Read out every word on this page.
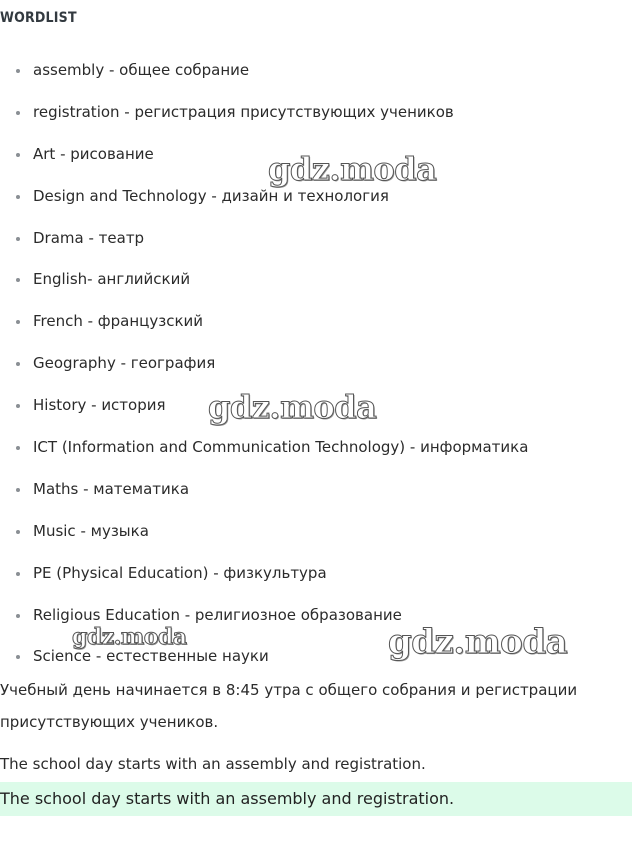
WORDLIST
assembly - общее собрание
registration - регистрация присутствующих учеников
Art - рисование
Design and Technology - дизайн и технология
Drama - театр
English- английский
French - французский
Geography - география
History - история
ICT (Information and Communication Technology) - информатика
Maths - математика
Music - музыка
PE (Physical Education) - физкультура
Religious Education - религиозное образование
Science - естественные науки
Учебный день начинается в 8:45 утра с общего собрания и регистрации присутствующих учеников.
The school day starts with an assembly and registration.
The school day starts with an assembly and registration.
gdz.moda
gdz.moda
gdz.moda	gdz.moda
